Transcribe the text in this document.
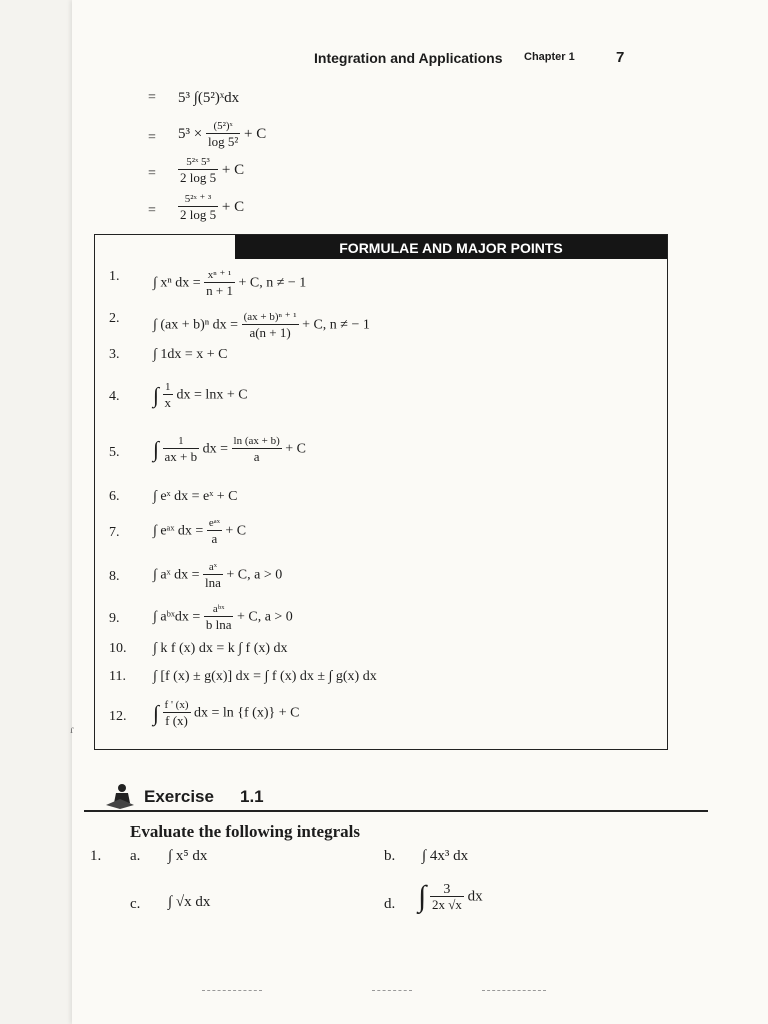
Integration and Applications Chapter 1	7
= 5³ ∫(5²)ˣdx
= $5^3 \times \frac{\text{(5²)ˣ}}{\text{log 5²}} + C$
= $\frac{\text{5²ˣ 5³}}{2 \log 5} + C$
= $\frac{\text{5²ˣ ⁺ ³}}{2 \log 5} + C$
FORMULAE AND MAJOR POINTS
1.	∫ xⁿ dx = $\frac{\text{xⁿ ⁺ ¹}}{n + 1} + C$, n ≠ − 1
2.	∫ (ax + b)ⁿ dx = $\frac{\text{(ax + b)ⁿ ⁺ ¹}}{a(n + 1)} + C$, n ≠ − 1
3.	∫ 1dx = x + C
4.	∫ $\frac{1}{x}$ dx = lnx + C
5.	∫ $\frac{1}{ax + b}$ dx = $\frac{\ln (ax + b)}{a} + C$
6.	∫ eˣ dx = eˣ + C
7.	∫ eᵃˣ dx = $\frac{\text{eᵃˣ}}{a} + C$
8.	∫ aˣ dx = $\frac{\text{aˣ}}{\ln a} + C$, a > 0
9.	∫ aᵇˣdx = $\frac{\text{aᵇˣ}}{\text{b lna}} + C$, a > 0
10.	∫ k f (x) dx = k ∫ f (x) dx
11.	∫ [f (x) ± g(x)] dx = ∫ f (x) dx ± ∫ g(x) dx
12.	∫ $\frac{f ' (x)}{f (x)}$ dx = ln {f (x)} + C
Exercise 1.1
Evaluate the following integrals
1. a. ∫ x⁵ dx	b. ∫ 4x³ dx
c. ∫ √x dx	d. ∫ $\frac{3}{2x √x}$ dx
ɾ
